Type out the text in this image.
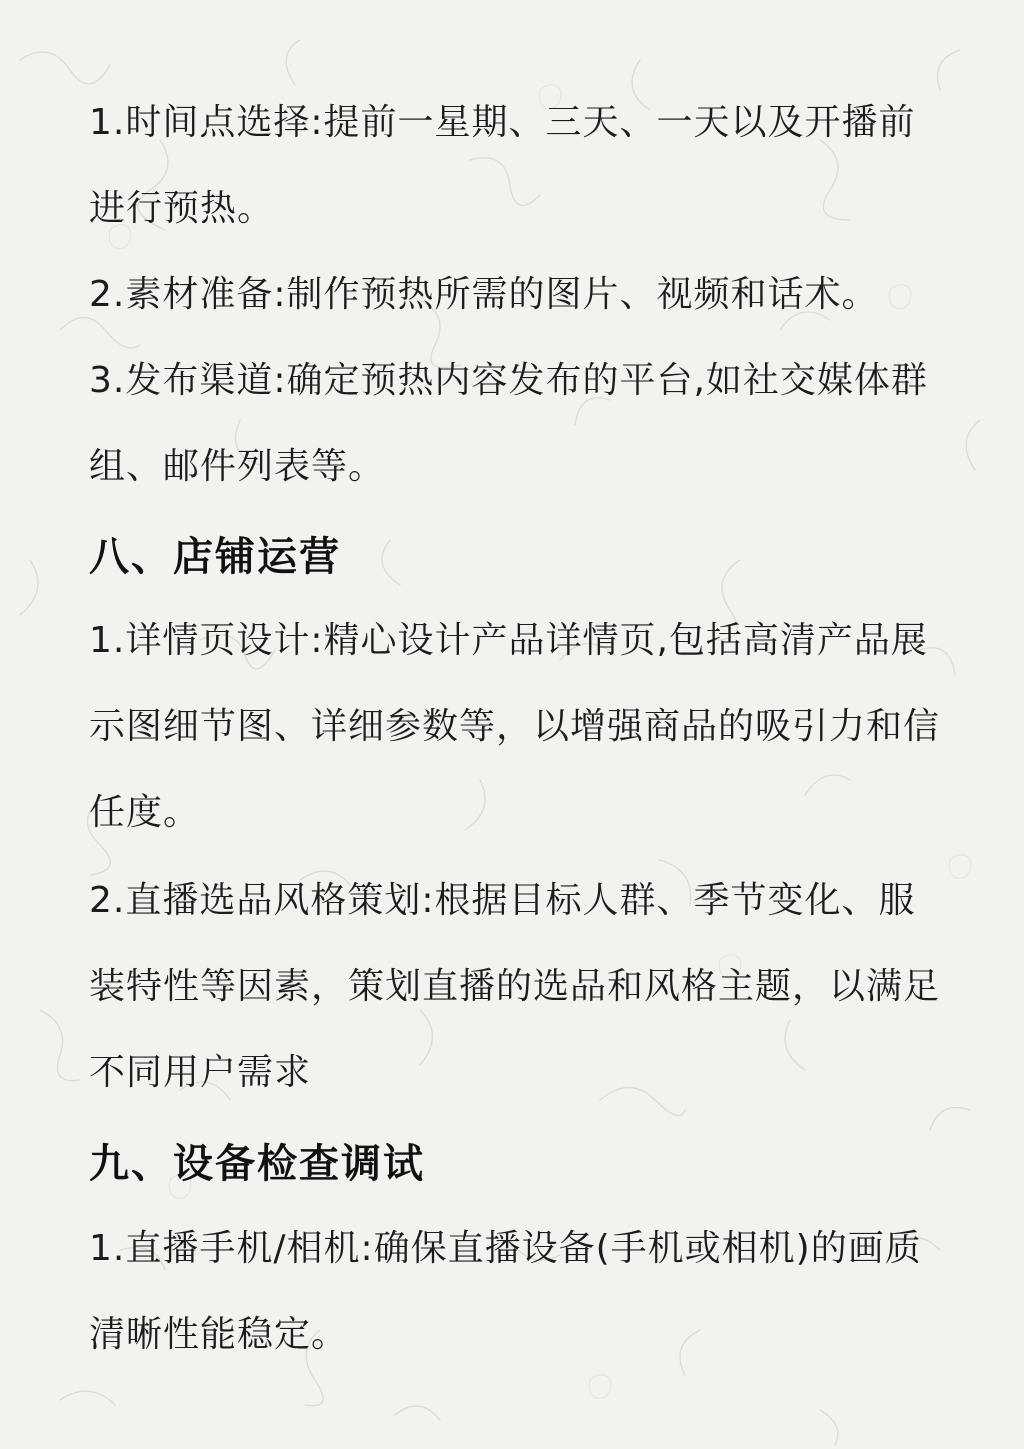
1.时间点选择:提前一星期、三天、一天以及开播前进行预热。

2.素材准备:制作预热所需的图片、视频和话术。

3.发布渠道:确定预热内容发布的平台,如社交媒体群组、邮件列表等。

八、店铺运营

1.详情页设计:精心设计产品详情页,包括高清产品展示图细节图、详细参数等，以增强商品的吸引力和信任度。

2.直播选品风格策划:根据目标人群、季节变化、服装特性等因素，策划直播的选品和风格主题，以满足不同用户需求

九、设备检查调试

1.直播手机/相机:确保直播设备(手机或相机)的画质清晰性能稳定。
